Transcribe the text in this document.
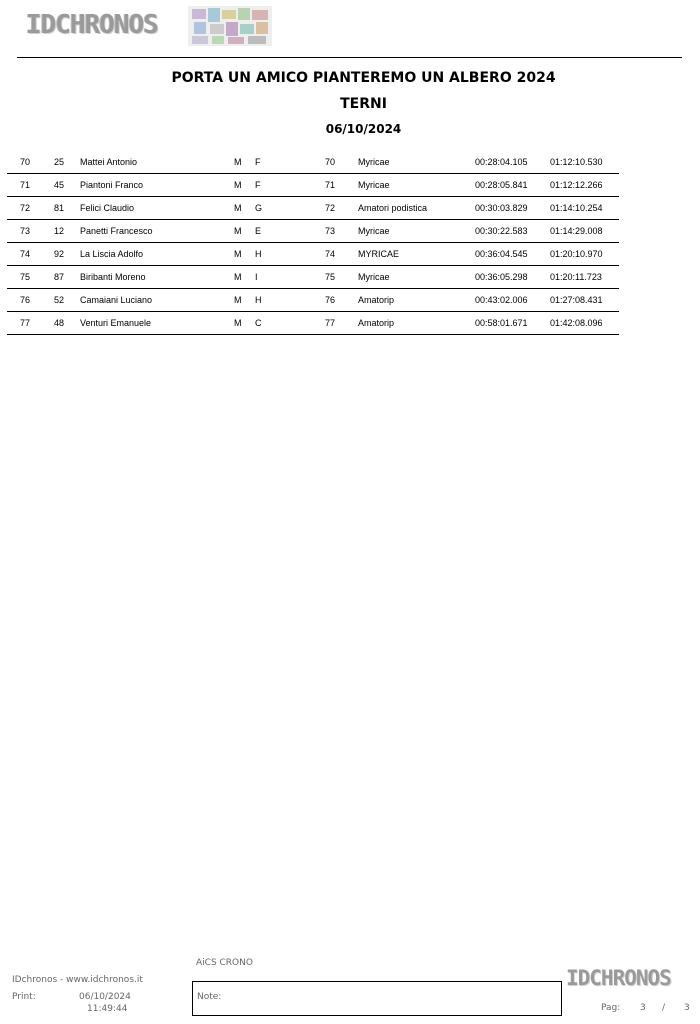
IDCHRONOS
PORTA UN AMICO PIANTEREMO UN ALBERO 2024
TERNI
06/10/2024
70	25 Mattei Antonio	M F	70	Myricae	00:28:04.105 01:12:10.530
71	45 Piantoni Franco	M F	71	Myricae	00:28:05.841 01:12:12.266
72	81 Felici Claudio	M G	72	Amatori podistica	00:30:03.829 01:14:10.254
73	12 Panetti Francesco	M E	73	Myricae	00:30:22.583 01:14:29.008
74	92 La Liscia Adolfo	M H	74	MYRICAE	00:36:04.545 01:20:10.970
75	87 Biribanti Moreno	M I	75	Myricae	00:36:05.298 01:20:11.723
76	52 Camaiani Luciano	M H	76	Amatorip	00:43:02.006 01:27:08.431
77	48 Venturi Emanuele	M C	77	Amatorip	00:58:01.671 01:42:08.096
AiCS CRONO
IDchronos - www.idchronos.it
Print:	06/10/2024
11:49:44
Note:
IDCHRONOS
Pag: 3 / 3
